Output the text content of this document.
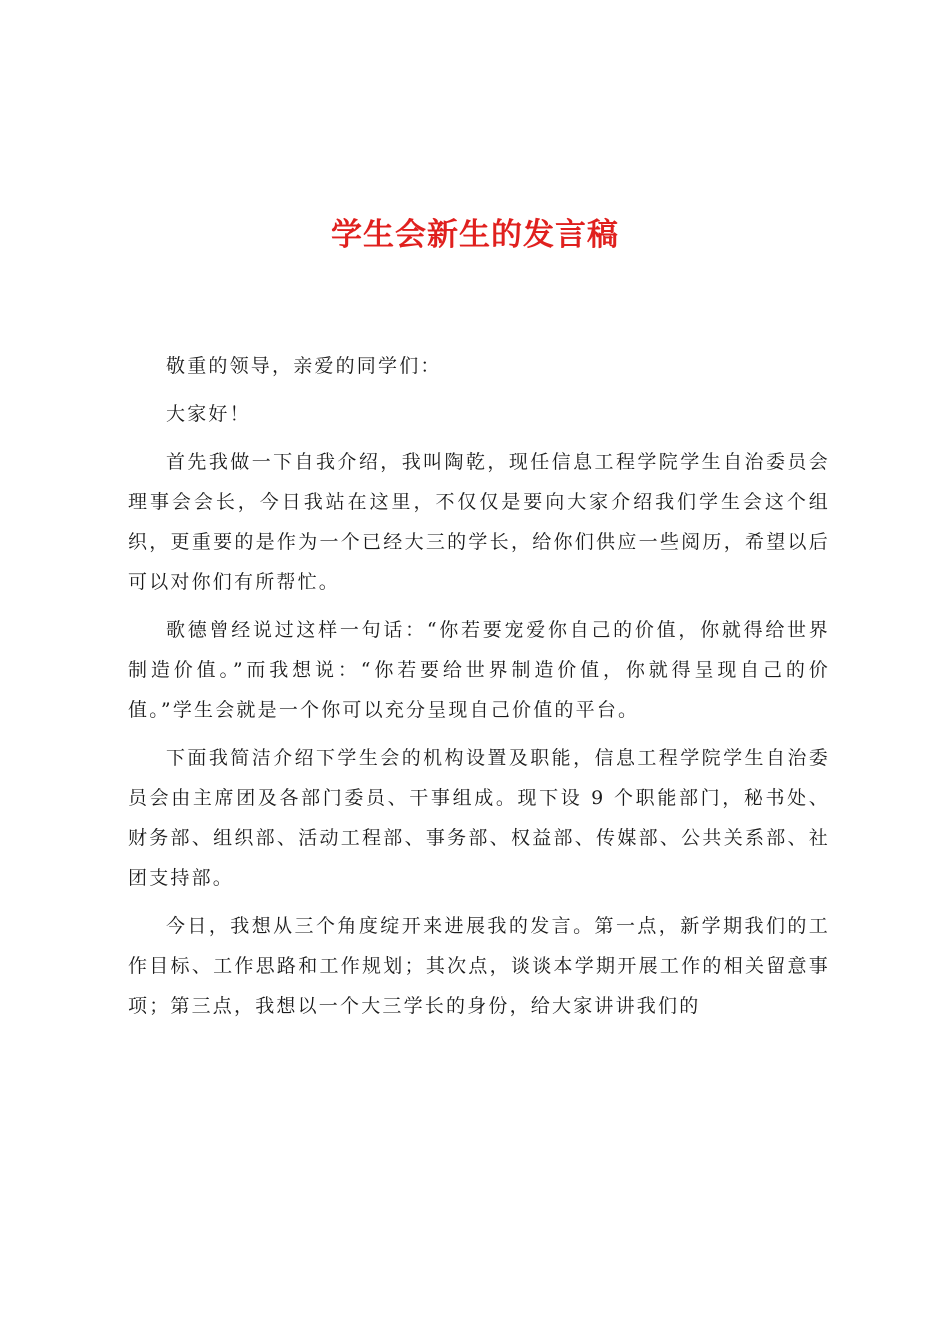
学生会新生的发言稿

敬重的领导，亲爱的同学们：

大家好！

首先我做一下自我介绍，我叫陶乾，现任信息工程学院学生自治委员会理事会会长，今日我站在这里，不仅仅是要向大家介绍我们学生会这个组织，更重要的是作为一个已经大三的学长，给你们供应一些阅历，希望以后可以对你们有所帮忙。

歌德曾经说过这样一句话：“你若要宠爱你自己的价值，你就得给世界制造价值。”而我想说：“你若要给世界制造价值，你就得呈现自己的价值。”学生会就是一个你可以充分呈现自己价值的平台。

下面我简洁介绍下学生会的机构设置及职能，信息工程学院学生自治委员会由主席团及各部门委员、干事组成。现下设 9 个职能部门，秘书处、财务部、组织部、活动工程部、事务部、权益部、传媒部、公共关系部、社团支持部。

今日，我想从三个角度绽开来进展我的发言。第一点，新学期我们的工作目标、工作思路和工作规划；其次点，谈谈本学期开展工作的相关留意事项；第三点，我想以一个大三学长的身份，给大家讲讲我们的
